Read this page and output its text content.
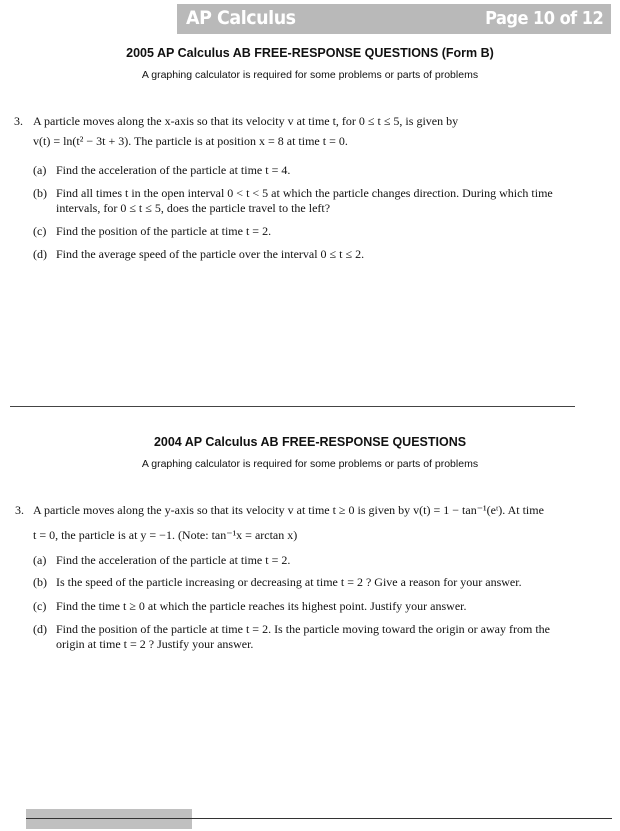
AP Calculus	Page 10 of 12
2005 AP Calculus AB FREE-RESPONSE QUESTIONS (Form B)
A graphing calculator is required for some problems or parts of problems
3. A particle moves along the x-axis so that its velocity v at time t, for 0 ≤ t ≤ 5, is given by
v(t) = ln(t² − 3t + 3). The particle is at position x = 8 at time t = 0.
(a) Find the acceleration of the particle at time t = 4.
(b) Find all times t in the open interval 0 < t < 5 at which the particle changes direction. During which time
intervals, for 0 ≤ t ≤ 5, does the particle travel to the left?
(c) Find the position of the particle at time t = 2.
(d) Find the average speed of the particle over the interval 0 ≤ t ≤ 2.
2004 AP Calculus AB FREE-RESPONSE QUESTIONS
A graphing calculator is required for some problems or parts of problems
3. A particle moves along the y-axis so that its velocity v at time t ≥ 0 is given by v(t) = 1 − tan⁻¹(eᵗ). At time
t = 0, the particle is at y = −1. (Note: tan⁻¹x = arctan x)
(a) Find the acceleration of the particle at time t = 2.
(b) Is the speed of the particle increasing or decreasing at time t = 2 ? Give a reason for your answer.
(c) Find the time t ≥ 0 at which the particle reaches its highest point. Justify your answer.
(d) Find the position of the particle at time t = 2. Is the particle moving toward the origin or away from the
origin at time t = 2 ? Justify your answer.
